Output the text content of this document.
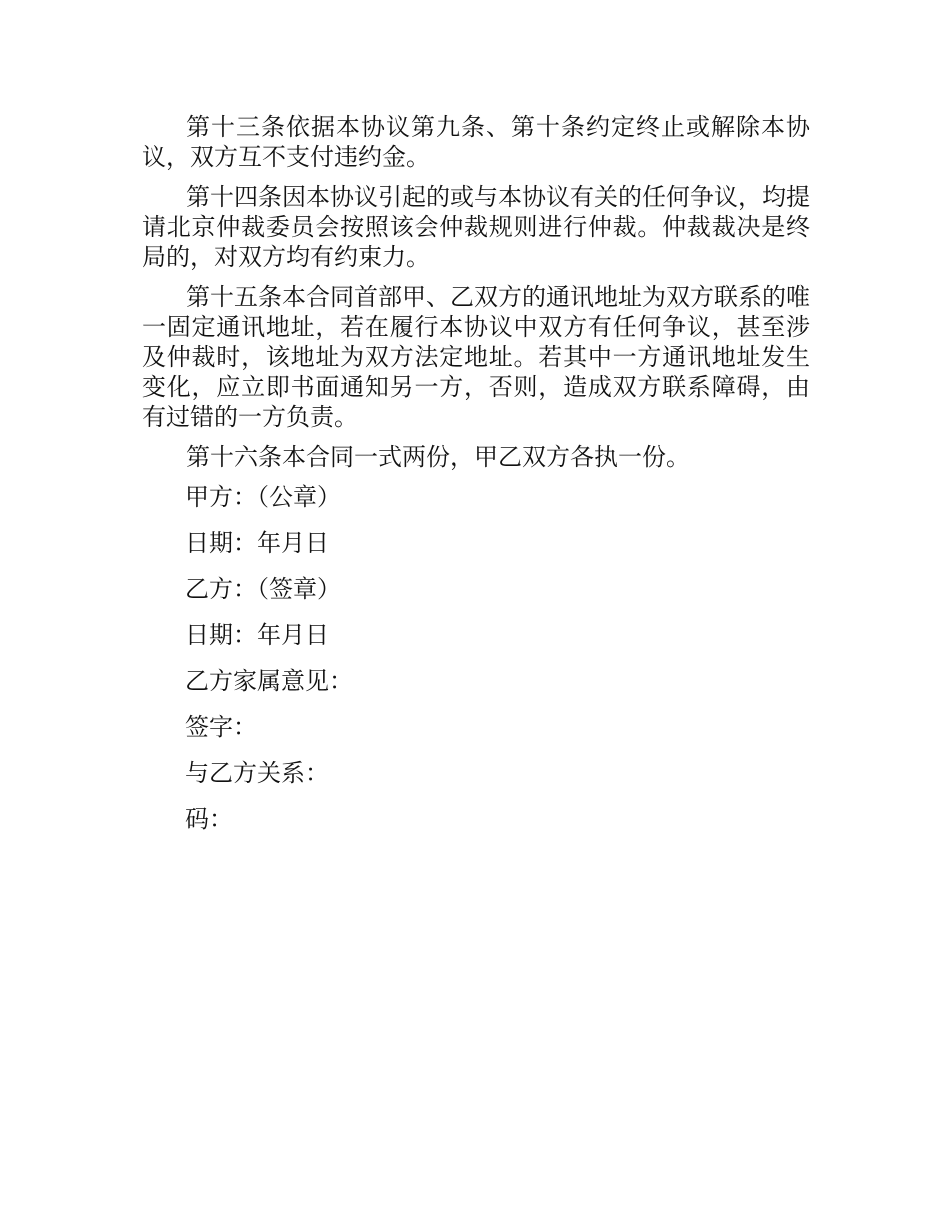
第十三条依据本协议第九条、第十条约定终止或解除本协议，双方互不支付违约金。

第十四条因本协议引起的或与本协议有关的任何争议，均提请北京仲裁委员会按照该会仲裁规则进行仲裁。仲裁裁决是终局的，对双方均有约束力。

第十五条本合同首部甲、乙双方的通讯地址为双方联系的唯一固定通讯地址，若在履行本协议中双方有任何争议，甚至涉及仲裁时，该地址为双方法定地址。若其中一方通讯地址发生变化，应立即书面通知另一方，否则，造成双方联系障碍，由有过错的一方负责。

第十六条本合同一式两份，甲乙双方各执一份。

甲方：（公章）
日期：年月日
乙方：（签章）
日期：年月日
乙方家属意见：
签字：
与乙方关系：
码：
